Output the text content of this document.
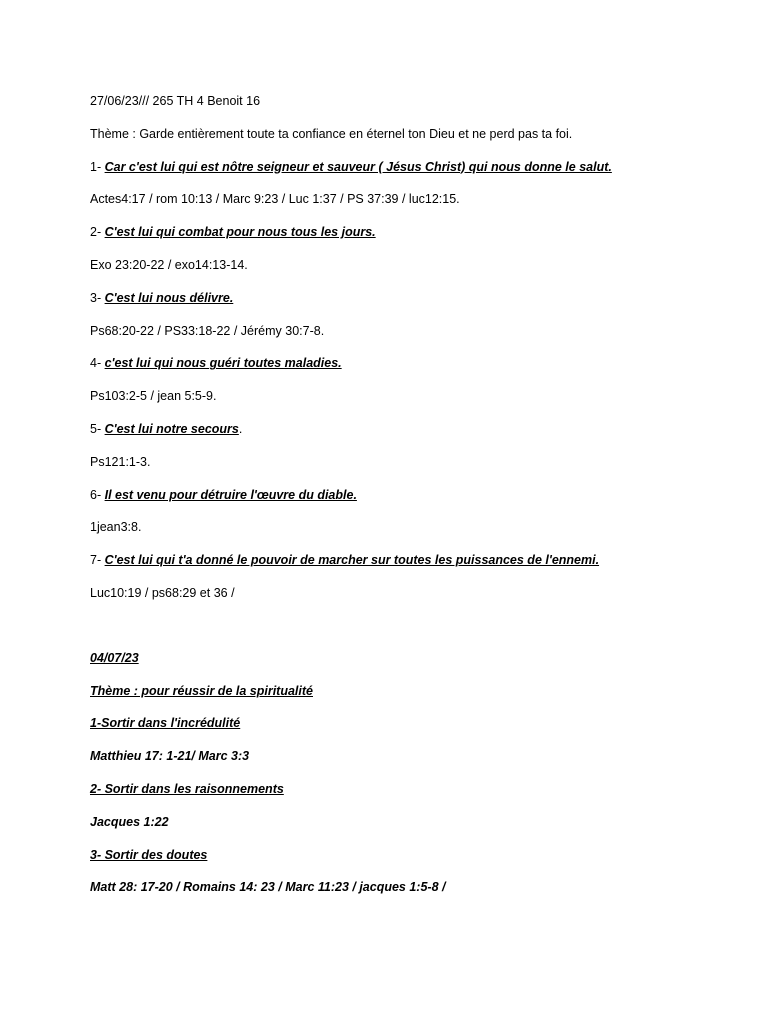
27/06/23/// 265 TH 4 Benoit 16
Thème : Garde entièrement toute ta confiance en éternel ton Dieu et ne perd pas ta foi.
1- Car c'est lui qui est nôtre seigneur et sauveur ( Jésus Christ) qui nous donne le salut.
Actes4:17 / rom 10:13 / Marc 9:23 / Luc 1:37 / PS 37:39 / luc12:15.
2- C'est lui qui combat pour nous tous les jours.
Exo 23:20-22 / exo14:13-14.
3- C'est lui nous délivre.
Ps68:20-22 / PS33:18-22 / Jérémy 30:7-8.
4- c'est lui qui nous guéri toutes maladies.
Ps103:2-5 / jean 5:5-9.
5- C'est lui notre secours.
Ps121:1-3.
6- Il est venu pour détruire l'œuvre du diable.
1jean3:8.
7- C'est lui qui t'a donné le pouvoir de marcher sur toutes les puissances de l'ennemi.
Luc10:19 / ps68:29 et 36 /
04/07/23
Thème : pour réussir de la spiritualité
1-Sortir dans l'incrédulité
Matthieu 17: 1-21/ Marc 3:3
2- Sortir dans les raisonnements
Jacques 1:22
3- Sortir des doutes
Matt 28: 17-20 / Romains 14: 23 / Marc 11:23 / jacques 1:5-8 /
